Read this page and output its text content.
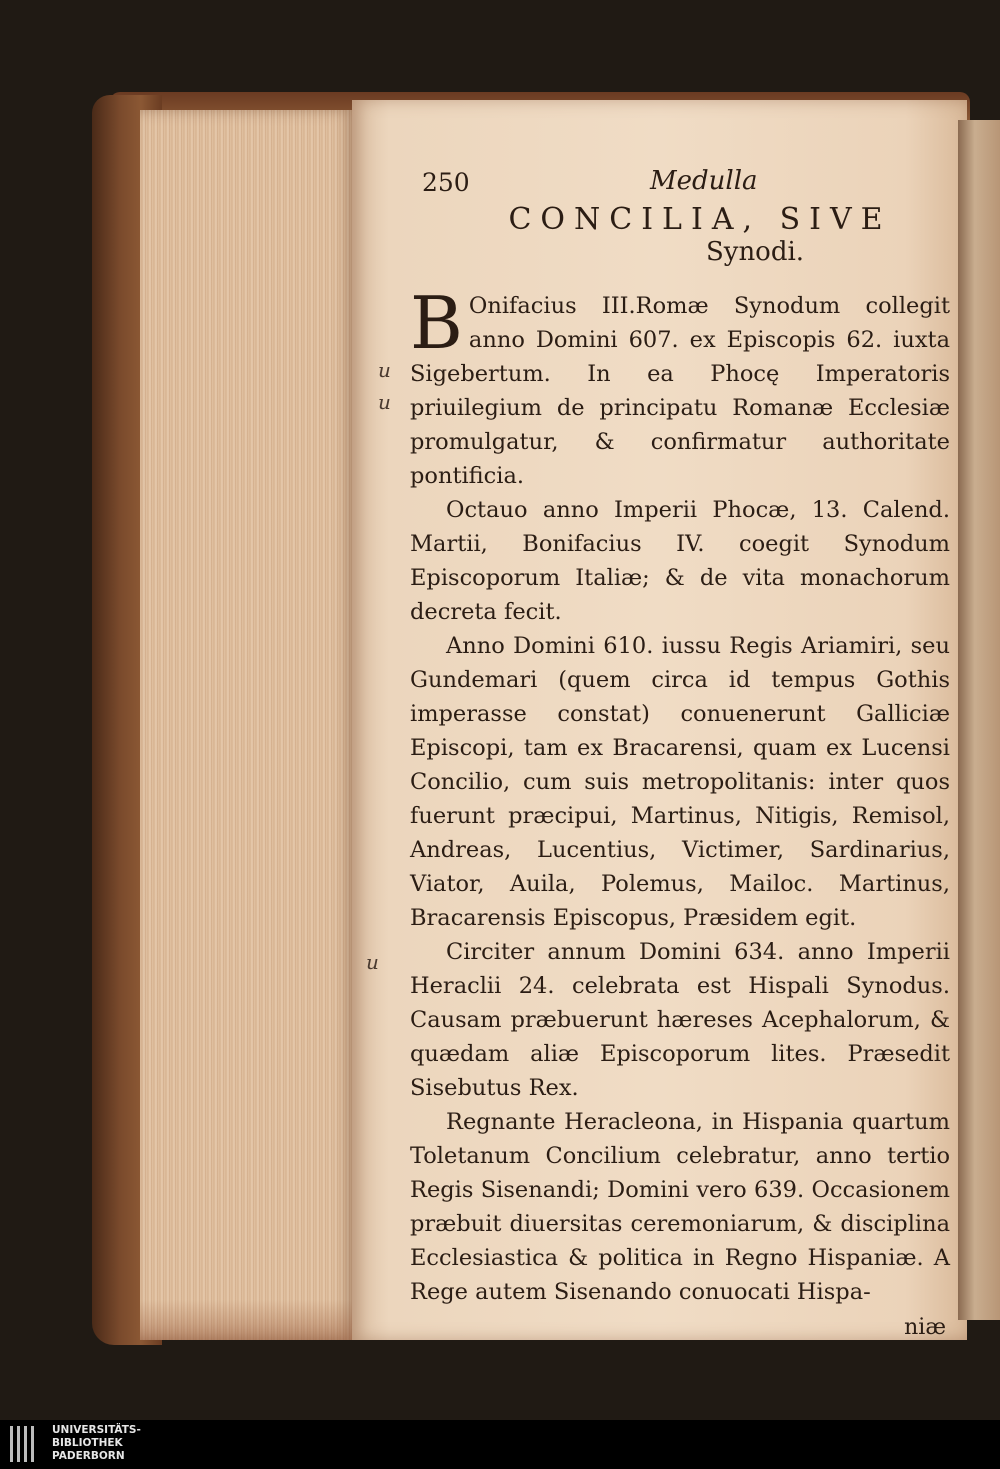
u
u
u
250	Medulla
CONCILIA, SIVE
Synodi.

B Onifacius III.Romæ Synodum collegit anno Domini 607. ex Episcopis 62. iuxta Sigebertum. In ea Phocę Imperatoris priuilegium de principatu Romanæ Ecclesiæ promulgatur, & confirmatur authoritate pontificia.

Octauo anno Imperii Phocæ, 13. Calend. Martii, Bonifacius IV. coegit Synodum Episcoporum Italiæ; & de vita monachorum decreta fecit.

Anno Domini 610. iussu Regis Ariamiri, seu Gundemari (quem circa id tempus Gothis imperasse constat) conuenerunt Galliciæ Episcopi, tam ex Bracarensi, quam ex Lucensi Concilio, cum suis metropolitanis: inter quos fuerunt præcipui, Martinus, Nitigis, Remisol, Andreas, Lucentius, Victimer, Sardinarius, Viator, Auila, Polemus, Mailoc. Martinus, Bracarensis Episcopus, Præsidem egit.

Circiter annum Domini 634. anno Imperii Heraclii 24. celebrata est Hispali Synodus. Causam præbuerunt hæreses Acephalorum, & quædam aliæ Episcoporum lites. Præsedit Sisebutus Rex.

Regnante Heracleona, in Hispania quartum Toletanum Concilium celebratur, anno tertio Regis Sisenandi; Domini vero 639. Occasionem præbuit diuersitas ceremoniarum, & disciplina Ecclesiastica & politica in Regno Hispaniæ. A Rege autem Sisenando conuocati Hispa-

niæ
UNIVERSITÄTS-
BIBLIOTHEK
PADERBORN
